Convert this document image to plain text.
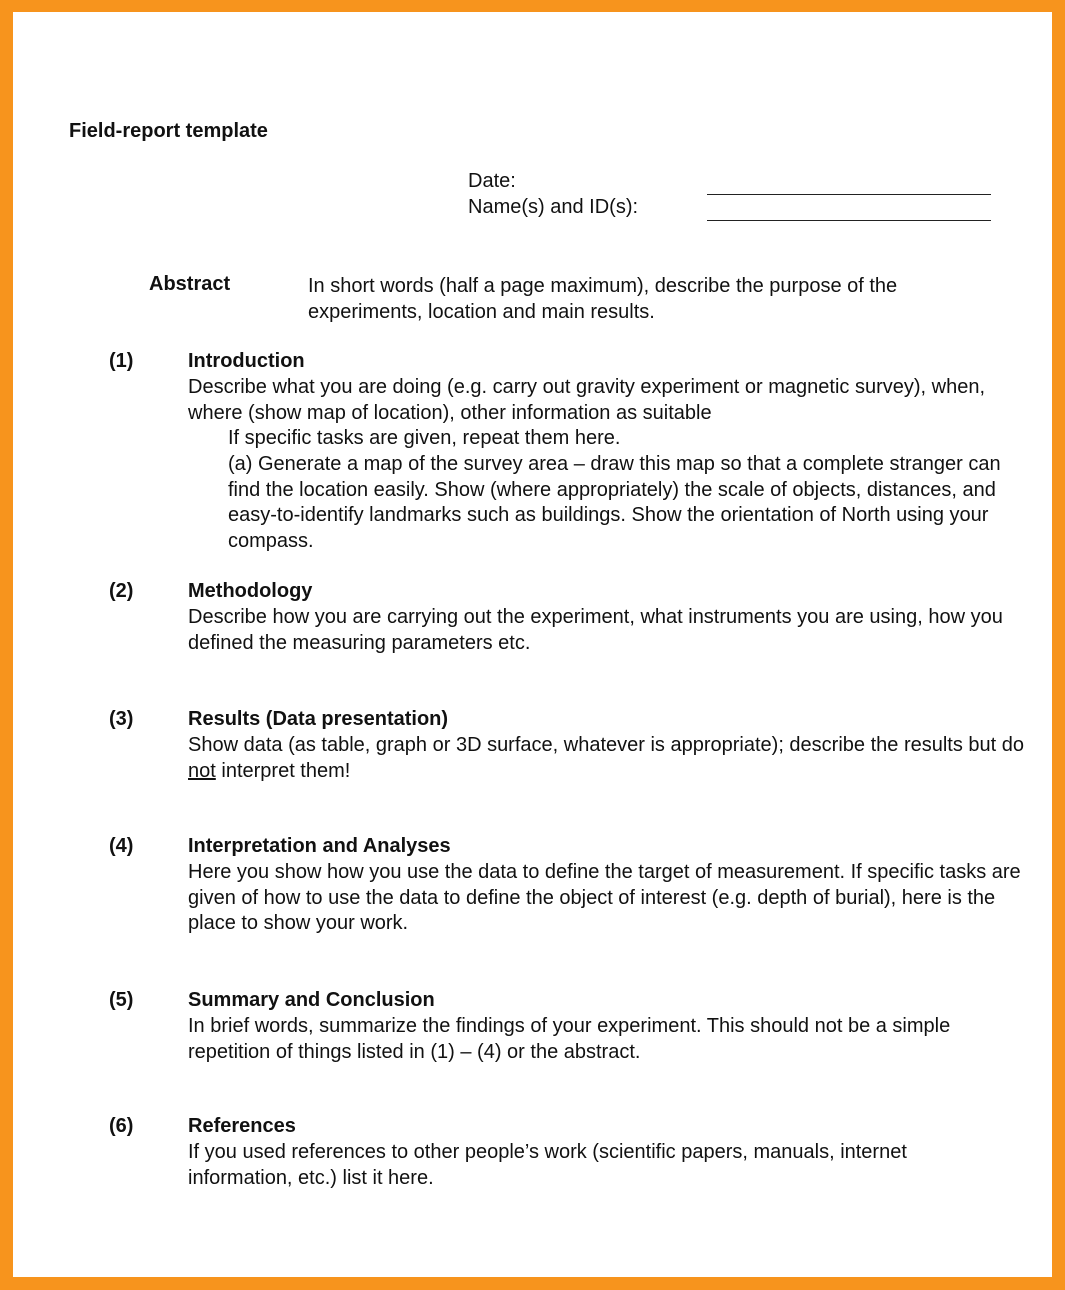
Field-report template
Date:
Name(s) and ID(s):
Abstract	In short words (half a page maximum), describe the purpose of the experiments, location and main results.
(1)	Introduction
Describe what you are doing (e.g. carry out gravity experiment or magnetic survey), when, where (show map of location), other information as suitable
If specific tasks are given, repeat them here.
(a) Generate a map of the survey area – draw this map so that a complete stranger can find the location easily. Show (where appropriately) the scale of objects, distances, and easy-to-identify landmarks such as buildings. Show the orientation of North using your compass.
(2)	Methodology
Describe how you are carrying out the experiment, what instruments you are using, how you defined the measuring parameters etc.
(3)	Results (Data presentation)
Show data (as table, graph or 3D surface, whatever is appropriate); describe the results but do not interpret them!
(4)	Interpretation and Analyses
Here you show how you use the data to define the target of measurement. If specific tasks are given of how to use the data to define the object of interest (e.g. depth of burial), here is the place to show your work.
(5)	Summary and Conclusion
In brief words, summarize the findings of your experiment. This should not be a simple repetition of things listed in (1) – (4) or the abstract.
(6)	References
If you used references to other people’s work (scientific papers, manuals, internet information, etc.) list it here.
